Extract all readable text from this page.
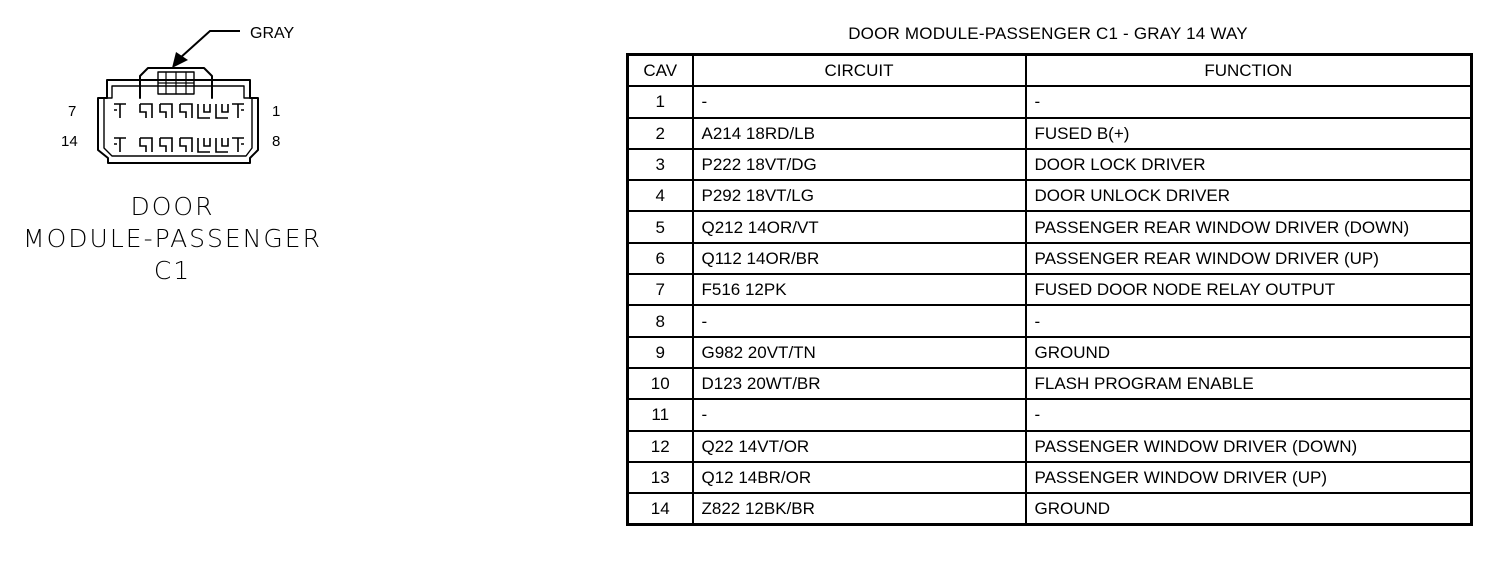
GRAY
7
14
1
8
DOOR
MODULE-PASSENGER
C1
DOOR MODULE-PASSENGER C1 - GRAY 14 WAY
CAV	CIRCUIT	FUNCTION
1	-	-
2	A214 18RD/LB	FUSED B(+)
3	P222 18VT/DG	DOOR LOCK DRIVER
4	P292 18VT/LG	DOOR UNLOCK DRIVER
5	Q212 14OR/VT	PASSENGER REAR WINDOW DRIVER (DOWN)
6	Q112 14OR/BR	PASSENGER REAR WINDOW DRIVER (UP)
7	F516 12PK	FUSED DOOR NODE RELAY OUTPUT
8	-	-
9	G982 20VT/TN	GROUND
10	D123 20WT/BR	FLASH PROGRAM ENABLE
11	-	-
12	Q22 14VT/OR	PASSENGER WINDOW DRIVER (DOWN)
13	Q12 14BR/OR	PASSENGER WINDOW DRIVER (UP)
14	Z822 12BK/BR	GROUND
